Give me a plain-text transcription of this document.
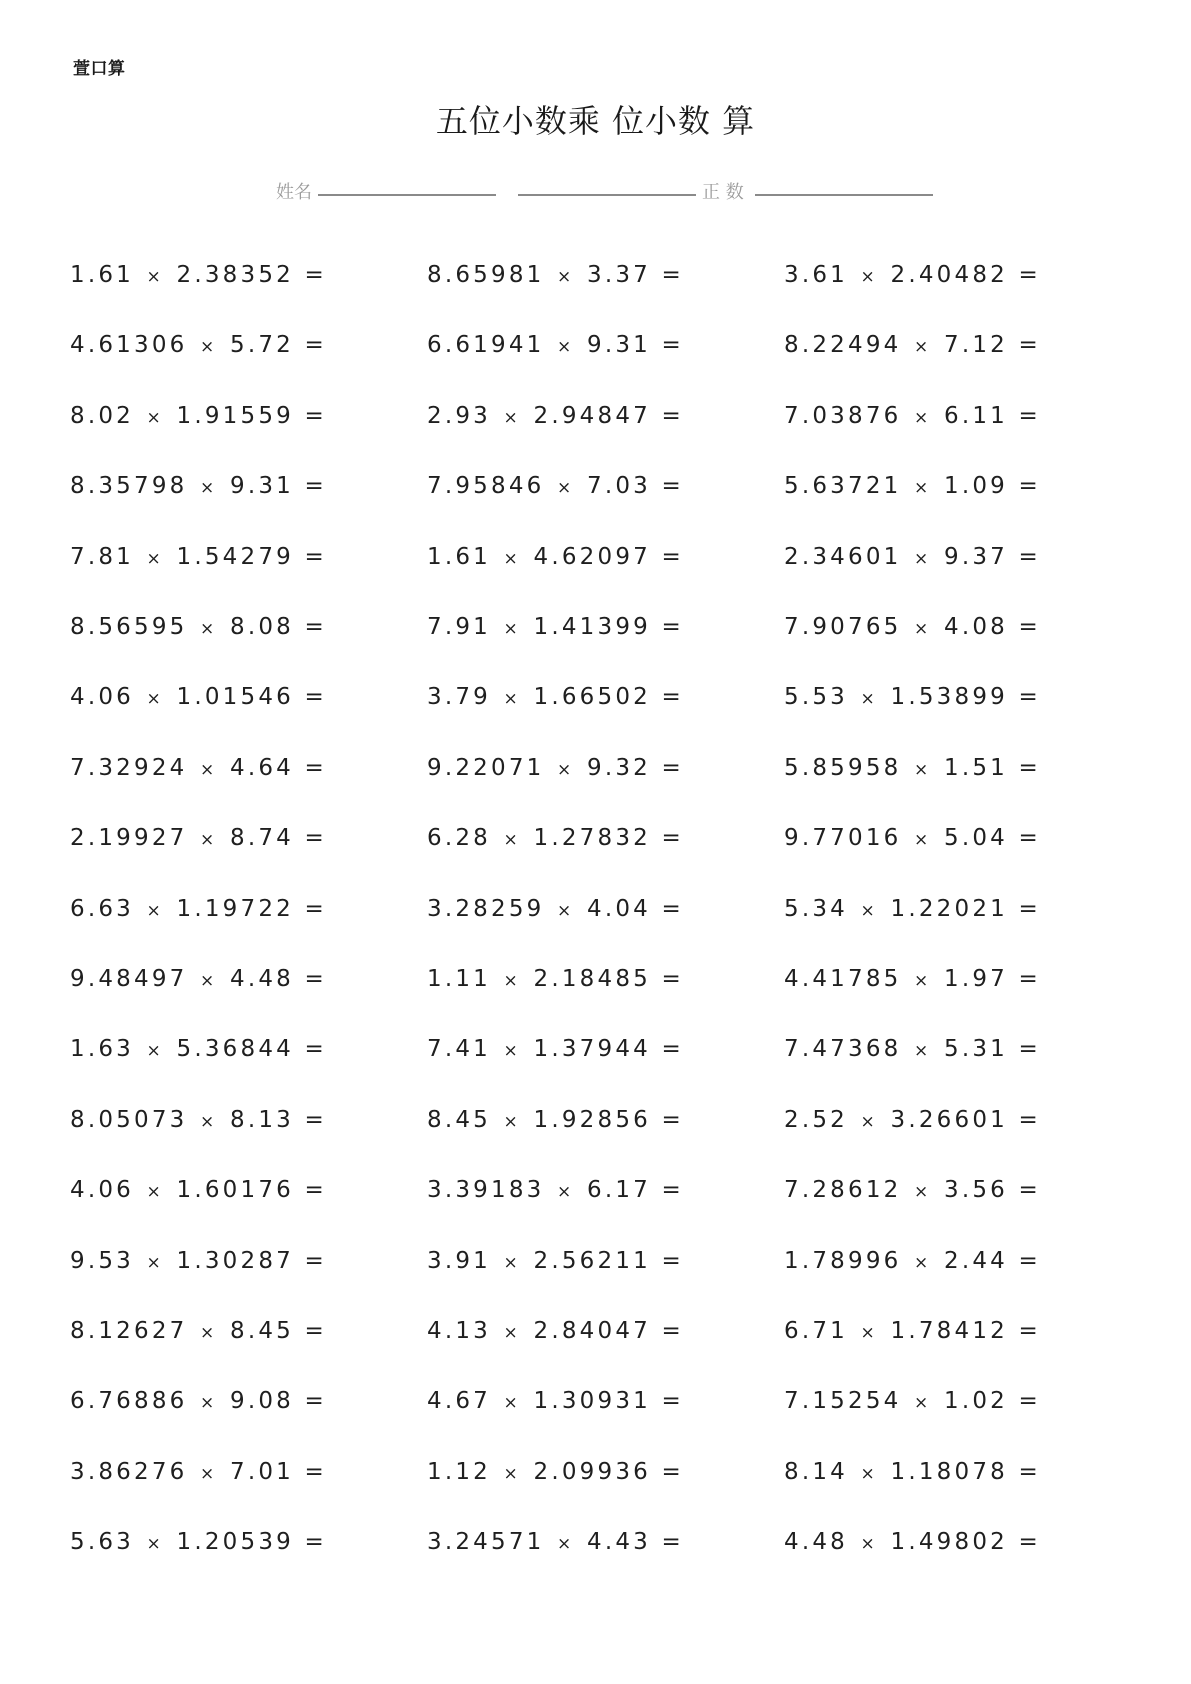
萱口算
五位小数乘 位小数 算
姓名	正 数
1.61 × 2.38352 =	8.65981 × 3.37 =	3.61 × 2.40482 =
4.61306 × 5.72 =	6.61941 × 9.31 =	8.22494 × 7.12 =
8.02 × 1.91559 =	2.93 × 2.94847 =	7.03876 × 6.11 =
8.35798 × 9.31 =	7.95846 × 7.03 =	5.63721 × 1.09 =
7.81 × 1.54279 =	1.61 × 4.62097 =	2.34601 × 9.37 =
8.56595 × 8.08 =	7.91 × 1.41399 =	7.90765 × 4.08 =
4.06 × 1.01546 =	3.79 × 1.66502 =	5.53 × 1.53899 =
7.32924 × 4.64 =	9.22071 × 9.32 =	5.85958 × 1.51 =
2.19927 × 8.74 =	6.28 × 1.27832 =	9.77016 × 5.04 =
6.63 × 1.19722 =	3.28259 × 4.04 =	5.34 × 1.22021 =
9.48497 × 4.48 =	1.11 × 2.18485 =	4.41785 × 1.97 =
1.63 × 5.36844 =	7.41 × 1.37944 =	7.47368 × 5.31 =
8.05073 × 8.13 =	8.45 × 1.92856 =	2.52 × 3.26601 =
4.06 × 1.60176 =	3.39183 × 6.17 =	7.28612 × 3.56 =
9.53 × 1.30287 =	3.91 × 2.56211 =	1.78996 × 2.44 =
8.12627 × 8.45 =	4.13 × 2.84047 =	6.71 × 1.78412 =
6.76886 × 9.08 =	4.67 × 1.30931 =	7.15254 × 1.02 =
3.86276 × 7.01 =	1.12 × 2.09936 =	8.14 × 1.18078 =
5.63 × 1.20539 =	3.24571 × 4.43 =	4.48 × 1.49802 =
